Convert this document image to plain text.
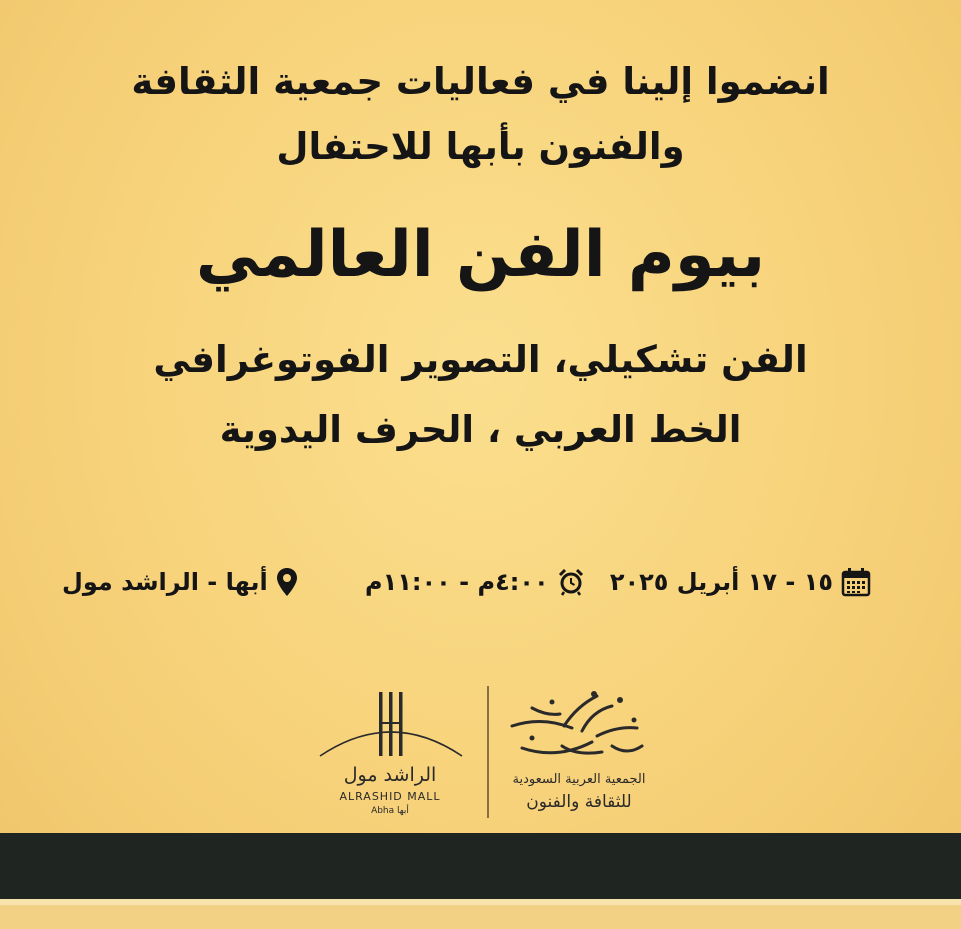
انضموا إلينا في فعاليات جمعية الثقافة
والفنون بأبها للاحتفال
بيوم الفن العالمي
الفن تشكيلي، التصوير الفوتوغرافي
الخط العربي ، الحرف اليدوية
١٥ - ١٧ أبريل ٢٠٢٥
٤:٠٠م - ١١:٠٠م
أبها - الراشد مول
الراشد مول
ALRASHID MALL
Abha أبها
الجمعية العربية السعودية
للثقافة والفنون
